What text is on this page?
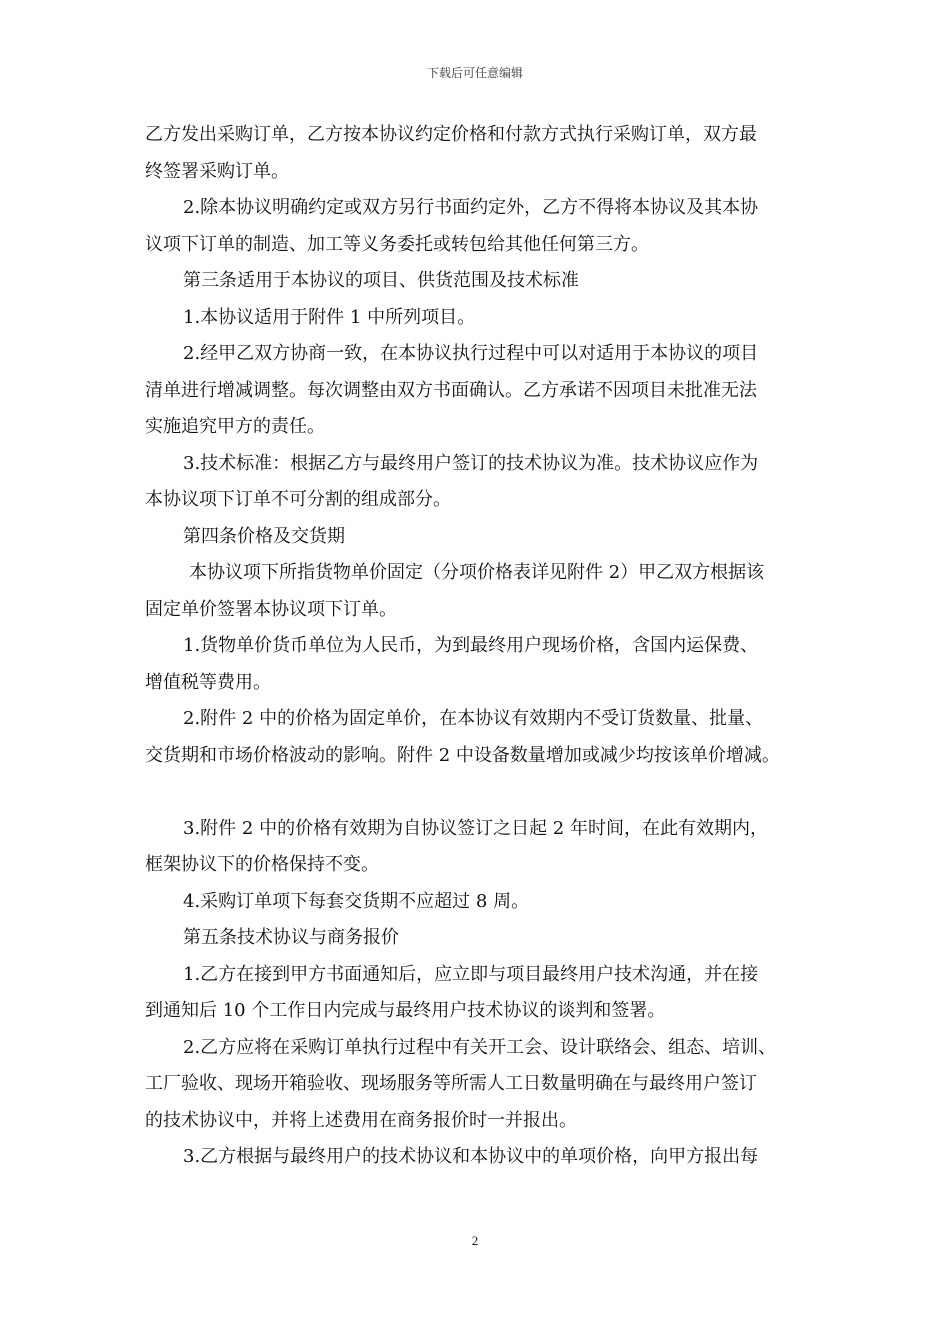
下载后可任意编辑
乙方发出采购订单，乙方按本协议约定价格和付款方式执行采购订单，双方最
终签署采购订单。
2.除本协议明确约定或双方另行书面约定外，乙方不得将本协议及其本协
议项下订单的制造、加工等义务委托或转包给其他任何第三方。
第三条适用于本协议的项目、供货范围及技术标准
1.本协议适用于附件 1 中所列项目。
2.经甲乙双方协商一致，在本协议执行过程中可以对适用于本协议的项目
清单进行增减调整。每次调整由双方书面确认。乙方承诺不因项目未批准无法
实施追究甲方的责任。
3.技术标准：根据乙方与最终用户签订的技术协议为准。技术协议应作为
本协议项下订单不可分割的组成部分。
第四条价格及交货期
本协议项下所指货物单价固定（分项价格表详见附件 2）甲乙双方根据该
固定单价签署本协议项下订单。
1.货物单价货币单位为人民币，为到最终用户现场价格，含国内运保费、
增值税等费用。
2.附件 2 中的价格为固定单价，在本协议有效期内不受订货数量、批量、
交货期和市场价格波动的影响。附件 2 中设备数量增加或减少均按该单价增减。
3.附件 2 中的价格有效期为自协议签订之日起 2 年时间，在此有效期内，
框架协议下的价格保持不变。
4.采购订单项下每套交货期不应超过 8 周。
第五条技术协议与商务报价
1.乙方在接到甲方书面通知后，应立即与项目最终用户技术沟通，并在接
到通知后 10 个工作日内完成与最终用户技术协议的谈判和签署。
2.乙方应将在采购订单执行过程中有关开工会、设计联络会、组态、培训、
工厂验收、现场开箱验收、现场服务等所需人工日数量明确在与最终用户签订
的技术协议中，并将上述费用在商务报价时一并报出。
3.乙方根据与最终用户的技术协议和本协议中的单项价格，向甲方报出每
2
